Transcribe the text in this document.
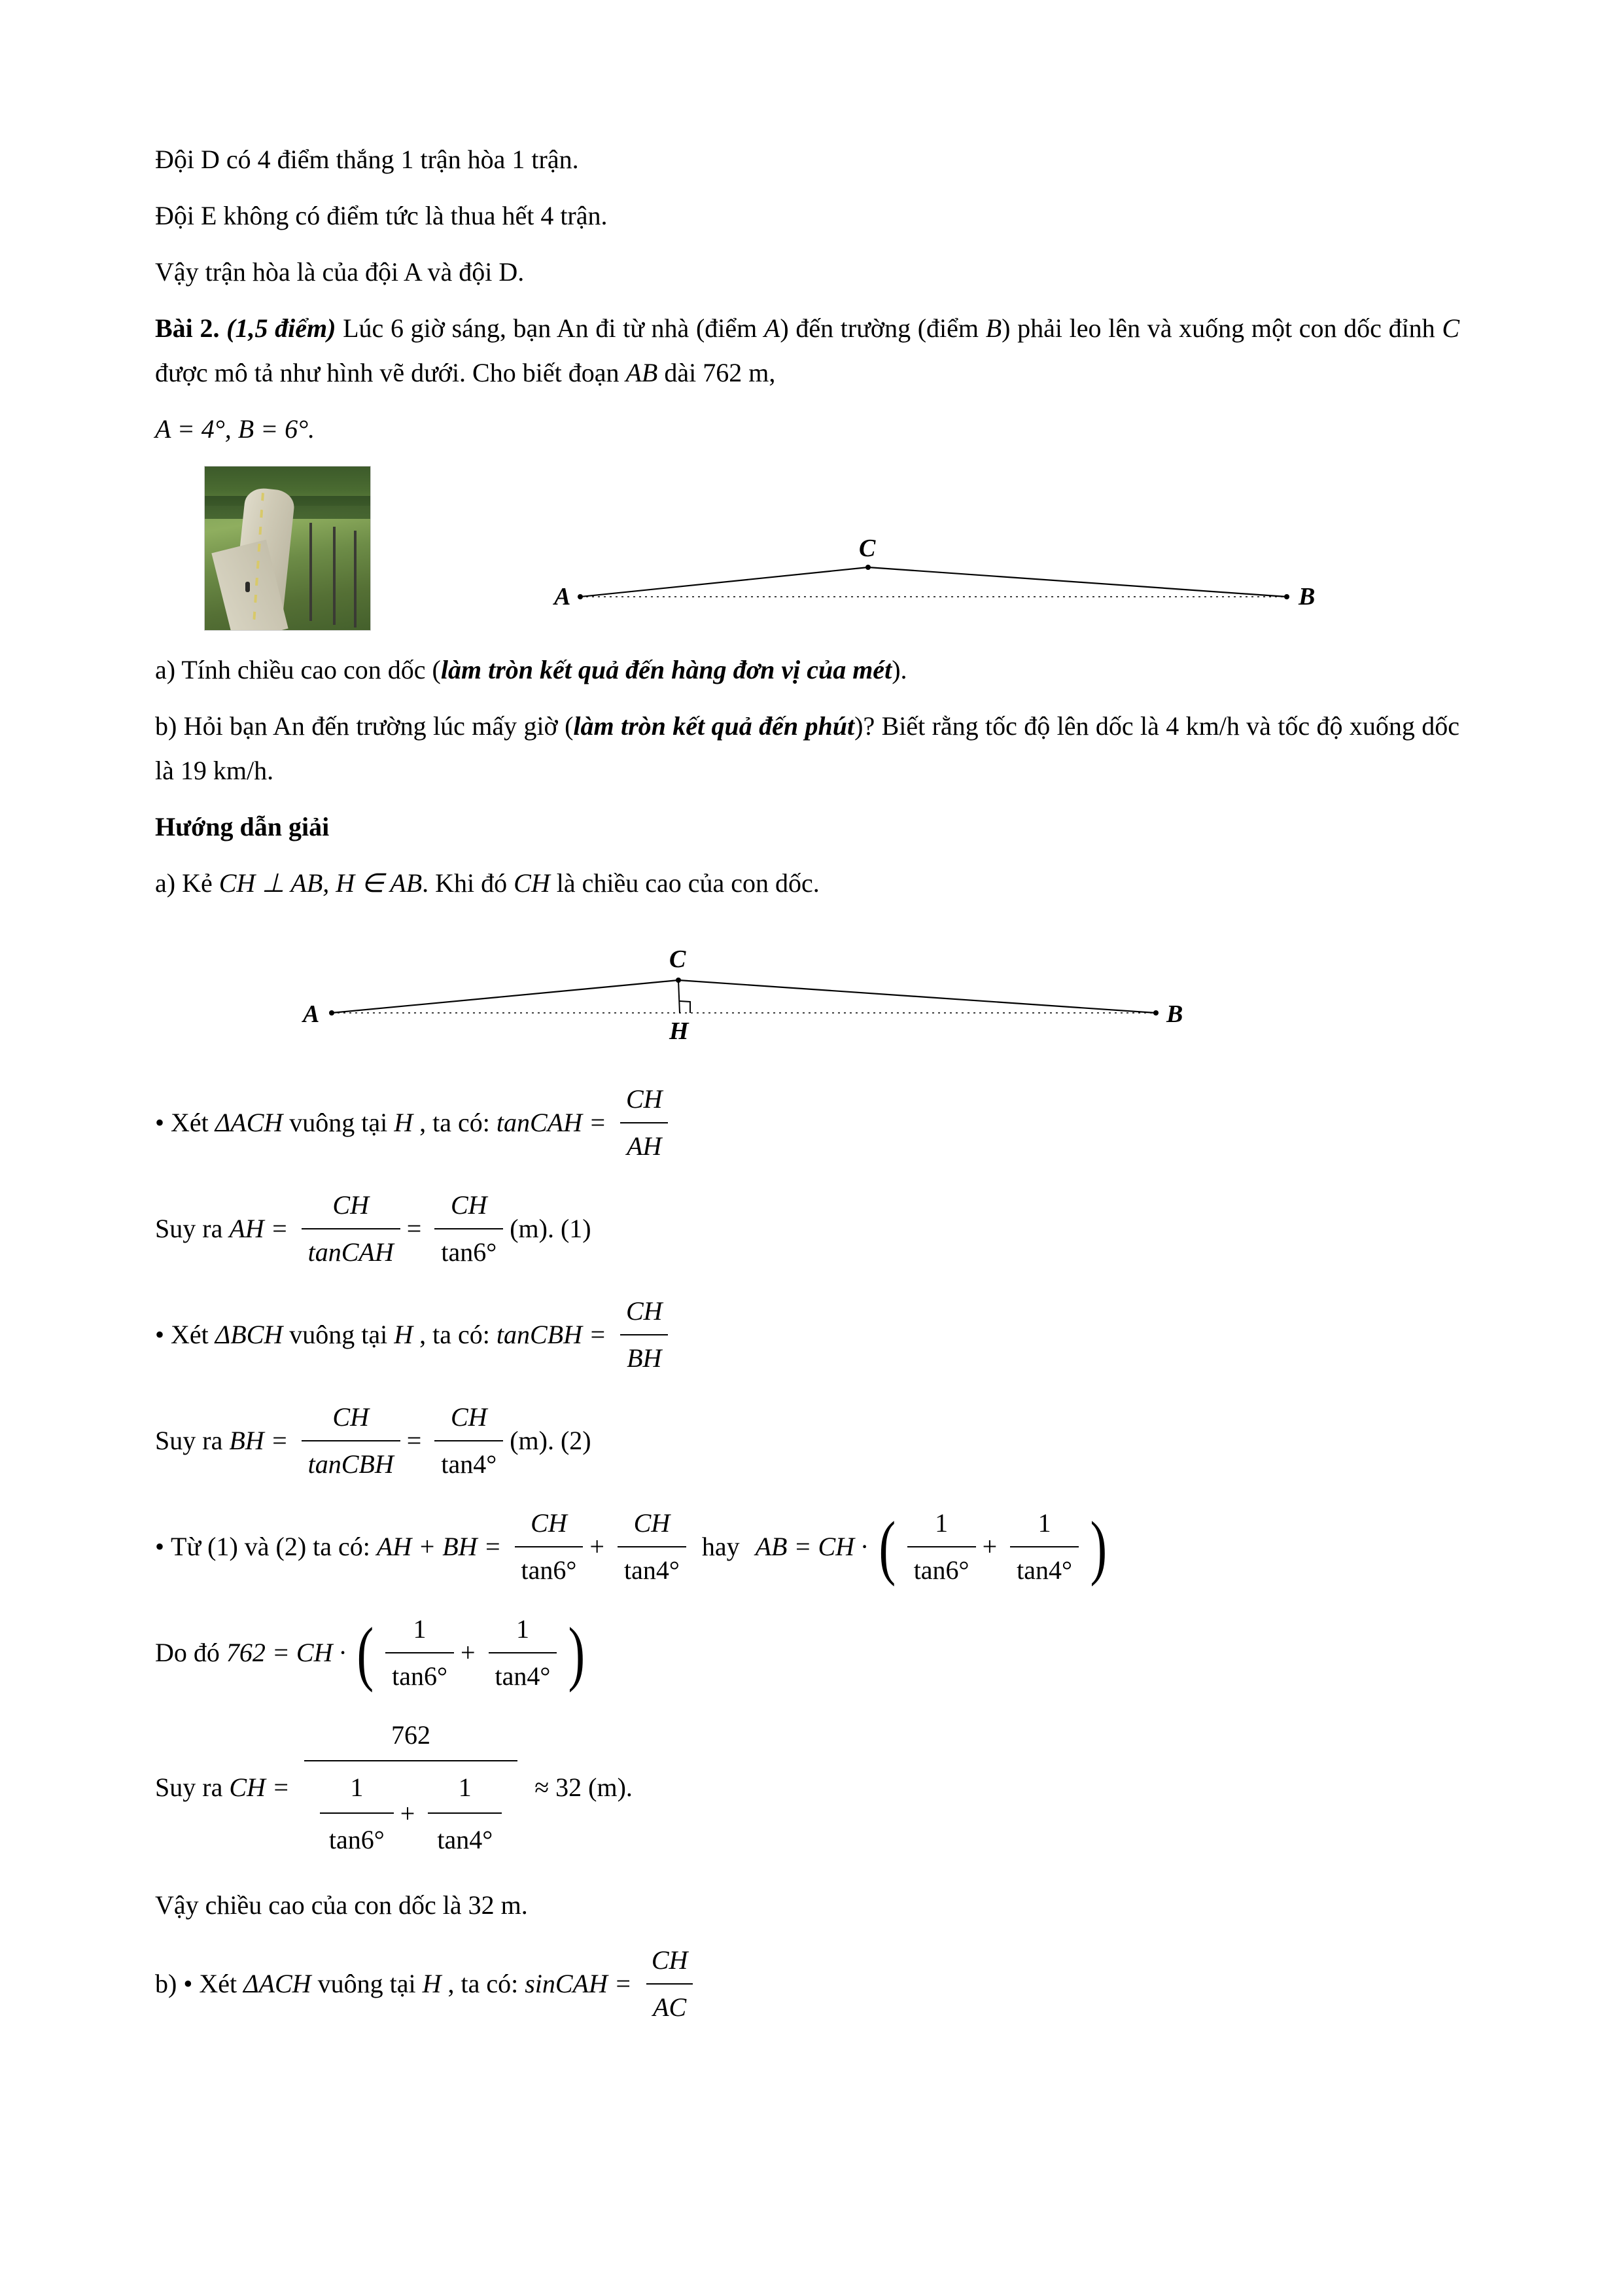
Đội D có 4 điểm thắng 1 trận hòa 1 trận.

Đội E không có điểm tức là thua hết 4 trận.

Vậy trận hòa là của đội A và đội D.

Bài 2. (1,5 điểm) Lúc 6 giờ sáng, bạn An đi từ nhà (điểm A) đến trường (điểm B) phải leo lên và xuống một con dốc đỉnh C được mô tả như hình vẽ dưới. Cho biết đoạn AB dài 762 m,

A = 4°, B = 6°.

A	B
C

a) Tính chiều cao con dốc (làm tròn kết quả đến hàng đơn vị của mét).

b) Hỏi bạn An đến trường lúc mấy giờ (làm tròn kết quả đến phút)? Biết rằng tốc độ lên dốc là 4 km/h và tốc độ xuống dốc là 19 km/h.

Hướng dẫn giải

a) Kẻ CH ⊥ AB, H ∈ AB. Khi đó CH là chiều cao của con dốc.

A	B
C
H
• Xét ΔACH vuông tại H , ta có: tanCAH = $\frac{CH}{AH}$
Suy ra AH = $\frac{CH}{\text{tanCAH}} = \frac{CH}{\tan 6^\circ} (m)$. (1)
• Xét ΔBCH vuông tại H , ta có: tanCBH = $\frac{CH}{BH}$
Suy ra BH = $\frac{CH}{\text{tanCBH}} = \frac{CH}{\tan 4^\circ} (m)$. (2)
• Từ (1) và (2) ta có: AH + BH = $\frac{CH}{\tan 6^\circ} + \frac{CH}{\tan 4^\circ}$ hay AB = CH · ( $\frac{1}{\tan 6^\circ} + \frac{1}{\tan 4^\circ}$ )
Do đó 762 = CH · ( $\frac{1}{\tan 6^\circ} + \frac{1}{\tan 4^\circ}$ )
Suy ra CH =
762
$\frac{1}{\tan 6^\circ} + \frac{1}{\tan 4^\circ} \approx 32$ (m).

Vậy chiều cao của con dốc là 32 m.

b) • Xét ΔACH vuông tại H , ta có: sinCAH = $\frac{CH}{AC}$
